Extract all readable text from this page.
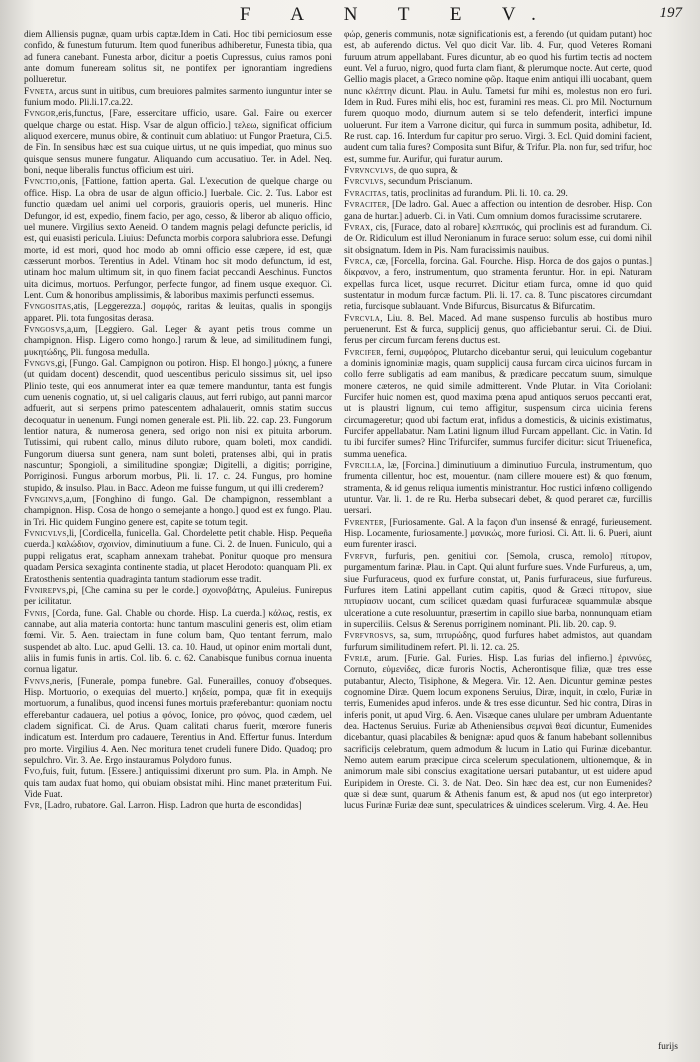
F A N T E V.	197
diem Alliensis pugnæ, quam urbis captæ.Idem in Cati. Hoc tibi perniciosum esse confido, & funestum futurum. Item quod funeribus adhiberetur, Funesta tibia, qua ad funera canebant. Funesta arbor, dicitur a poetis Cupressus, cuius ramos poni ante domum funeream solitus sit, ne pontifex per ignorantiam ingrediens pollueretur.
Fvneta, arcus sunt in uitibus, cum breuiores palmites sarmento iunguntur inter se funium modo. Pli.li.17.ca.22.
Fvngor,eris,functus, [Fare, essercitare ufficio, usare. Gal. Faire ou exercer quelque charge ou estat. Hisp. Vsar de algun officio.] τελεω, significat officium aliquod exercere, munus obire, & continuit cum ablatiuo: ut Fungor Praetura, Ci.5. de Fin. In sensibus hæc est sua cuique uirtus, ut ne quis impediat, quo minus suo quisque sensus munere fungatur. Aliquando cum accusatiuo. Ter. in Adel. Neq. boni, neque liberalis functus officium est uiri.
Fvnctio,onis, [Fattione, fattion aperta. Gal. L'execution de quelque charge ou office. Hisp. La obra de usar de algun officio.] Iuerbale. Cic. 2. Tus. Labor est functio quædam uel animi uel corporis, grauioris operis, uel muneris. Hinc Defungor, id est, expedio, finem facio, per ago, cesso, & liberor ab aliquo officio, uel munere. Virgilius sexto Aeneid. O tandem magnis pelagi defuncte periclis, id est, qui euasisti pericula. Liuius: Defuncta morbis corpora salubriora esse. Defungi morte, id est mori, quod hoc modo ab omni officio esse cæpere, id est, quæ cæsserunt morbos. Terentius in Adel. Vtinam hoc sit modo defunctum, id est, utinam hoc malum ultimum sit, in quo finem faciat peccandi Aeschinus. Functos uita dicimus, mortuos. Perfungor, perfecte fungor, ad finem usque exequor. Ci. Lent. Cum & honoribus amplissimis, & laboribus maximis perfuncti essemus.
Fvngositas,atis, [Leggerezza.] σομφός, raritas & leuitas, qualis in spongijs apparet. Pli. tota fungositas derasa.
Fvngosvs,a,um, [Leggiero. Gal. Leger & ayant petis trous comme un champignon. Hisp. Ligero como hongo.] rarum & leue, ad similitudinem fungi, μυκητώδης, Pli. fungosa medulla.
Fvngvs,gi, [Fungo. Gal. Campignon ou potiron. Hisp. El hongo.] μύκης, a funere (ut quidam docent) descendit, quod uescentibus periculo sissimus sit, uel ipso Plinio teste, qui eos annumerat inter ea quæ temere manduntur, tanta est fungis cum uenenis cognatio, ut, si uel caligaris clauus, aut ferri rubigo, aut panni marcor adfuerit, aut si serpens primo patescentem adhalauerit, omnis statim succus decoquatur in uenenum. Fungi nomen generale est. Pli. lib. 22. cap. 23. Fungorum lentior natura, & numerosa genera, sed origo non nisi ex pituita arborum. Tutissimi, qui rubent callo, minus diluto rubore, quam boleti, mox candidi. Fungorum diuersa sunt genera, nam sunt boleti, pratenses albi, qui in pratis nascuntur; Spongioli, a similitudine spongiæ; Digitelli, a digitis; porrigine, Porriginosi. Fungus arborum morbus, Pli. li. 17. c. 24. Fungus, pro homine stupido, & insulso. Plau. in Bacc. Adeon me fuisse fungum, ut qui illi crederem?
Fvnginvs,a,um, [Fonghino di fungo. Gal. De champignon, ressemblant a champignon. Hisp. Cosa de hongo o semejante a hongo.] quod est ex fungo. Plau. in Tri. Hic quidem Fungino genere est, capite se totum tegit.
Fvnicvlvs,li, [Cordicella, funicella. Gal. Chordelette petit chable. Hisp. Pequeña cuerda.] καλώδιον, σχοινίον, diminutiuum a fune. Ci. 2. de Inuen. Funiculo, qui a puppi religatus erat, scapham annexam trahebat. Ponitur quoque pro mensura quadam Persica sexaginta continente stadia, ut placet Herodoto: quanquam Pli. ex Eratosthenis sententia quadraginta tantum stadiorum esse tradit.
Fvnirepvs,pi, [Che camina su per le corde.] σχοινοβάτης, Apuleius. Funirepus per icilitatur.
Fvnis, [Corda, fune. Gal. Chable ou chorde. Hisp. La cuerda.] κάλως, restis, ex cannabe, aut alia materia contorta: hunc tantum masculini generis est, olim etiam fœmi. Vir. 5. Aen. traiectam in fune colum bam, Quo tentant ferrum, malo suspendet ab alto. Luc. apud Gelli. 13. ca. 10. Haud, ut opinor enim mortali dunt, aliis in fumis funis in artis. Col. lib. 6. c. 62. Canabisque funibus cornua inuenta cornua ligatur.
Fvnvs,neris, [Funerale, pompa funebre. Gal. Funerailles, conuoy d'obseques. Hisp. Mortuorio, o exequias del muerto.] κηδεία, pompa, quæ fit in exequijs mortuorum, a funalibus, quod incensi funes mortuis præferebantur: quoniam noctu efferebantur cadauera, uel potius a φόνος, Ionice, pro φόνος, quod cædem, uel cladem significat. Ci. de Arus. Quam calitati charus fuerit, mœrore funeris indicatum est. Interdum pro cadauere, Terentius in And. Effertur funus. Interdum pro morte. Virgilius 4. Aen. Nec moritura tenet crudeli funere Dido. Quadoq; pro sepulchro. Vir. 3. Ae. Ergo instauramus Polydoro funus.
Fvo,fuis, fuit, futum. [Essere.] antiquissimi dixerunt pro sum. Pla. in Amph. Ne quis tam audax fuat homo, qui obuiam obsistat mihi. Hinc manet præteritum Fui. Vide Fuat.
Fvr, [Ladro, rubatore. Gal. Larron. Hisp. Ladron que hurta de escondidas]
φώρ, generis communis, notæ significationis est, a ferendo (ut quidam putant) hoc est, ab auferendo dictus. Vel quo dicit Var. lib. 4. Fur, quod Veteres Romani furuum atrum appellabant. Fures dicuntur, ab eo quod his furtim tectis ad noctem eunt. Vel a furuo, nigro, quod furta clam fiant, & plerumque nocte. Aut certe, quod Gellio magis placet, a Græco nomine φῶρ. Itaque enim antiqui illi uocabant, quem nunc κλέπτην dicunt. Plau. in Aulu. Tametsi fur mihi es, molestus non ero furi. Idem in Rud. Fures mihi elis, hoc est, furamini res meas. Ci. pro Mil. Nocturnum furem quoquo modo, diurnum autem si se telo defenderit, interfici impune uoluerunt. Fur item a Varrone dicitur, qui furca in summum posita, adhibetur, Id. Re rust. cap. 16. Interdum fur capitur pro seruo. Virgi. 3. Ecl. Quid domini facient, audent cum talia fures? Composita sunt Bifur, & Trifur. Pla. non fur, sed trifur, hoc est, summe fur. Aurifur, qui furatur aurum.
Fvrvncvlvs, de quo supra, &
Fvrcvlvs, secundum Priscianum.
Fvracitas, tatis, proclinitas ad furandum. Pli. li. 10. ca. 29.
Fvraciter, [De ladro. Gal. Auec a affection ou intention de desrober. Hisp. Con gana de hurtar.] aduerb. Ci. in Vati. Cum omnium domos furacissime scrutarere.
Fvrax, cis, [Furace, dato al robare] κλεπτικός, qui proclinis est ad furandum. Ci. de Or. Ridiculum est illud Neronianum in furace seruo: solum esse, cui domi nihil sit obsignatum. Idem in Pis. Nam furacissimis nauibus.
Fvrca, cæ, [Forcella, forcina. Gal. Fourche. Hisp. Horca de dos gajos o puntas.] δίκρανον, a fero, instrumentum, quo stramenta feruntur. Hor. in epi. Naturam expellas furca licet, usque recurret. Dicitur etiam furca, omne id quo quid sustentatur in modum furcæ factum. Pli. li. 17. ca. 8. Tunc piscatores circumdant retia, furcisque sublauant. Vnde Bifurcus, Bisurcatus & Bifurcatim.
Fvrcvla, Liu. 8. Bel. Maced. Ad mane suspenso furculis ab hostibus muro peruenerunt. Est & furca, supplicij genus, quo afficiebantur serui. Ci. de Diui. ferus per circum furcam ferens ductus est.
Fvrcifer, ferni, συμφόρος, Plutarcho dicebantur serui, qui leuiculum cogebantur a dominis ignominiæ magis, quam supplicij causa furcam circa uicinos furcam in collo ferre subligatis ad eam manibus, & prædicare peccatum suum, simulque monere cæteros, ne quid simile admitterent. Vnde Plutar. in Vita Coriolani: Furcifer huic nomen est, quod maxima pœna apud antiquos seruos peccanti erat, ut is plaustri lignum, cui temo affigitur, suspensum circa uicinia ferens circumageretur; quod ubi factum erat, infidus a domesticis, & uicinis existimatus, Furcifer appellabatur. Nam Latini lignum illud Furcam appellant. Cic. in Vatin. Id tu ibi furcifer sumes? Hinc Trifurcifer, summus furcifer dicitur: sicut Triuenefica, summa uenefica.
Fvrcilla, læ, [Forcina.] diminutiuum a diminutiuo Furcula, instrumentum, quo frumenta cillentur, hoc est, mouentur. (nam cillere mouere est) & quo fœnum, stramenta, & id genus reliqua iumentis ministrantur. Hoc rustici infœno colligendo utuntur. Var. li. 1. de re Ru. Herba subsecari debet, & quod peraret cæ, furcillis uersari.
Fvrenter, [Furiosamente. Gal. A la façon d'un insensé & enragé, furieusement. Hisp. Locamente, furiosamente.] μανικώς, more furiosi. Ci. Att. li. 6. Pueri, aiunt eum furenter irasci.
Fvrfvr, furfuris, pen. genitiui cor. [Semola, crusca, remolo] πίτυρον, purgamentum farinæ. Plau. in Capt. Qui alunt furfure sues. Vnde Furfureus, a, um, siue Furfuraceus, quod ex furfure constat, ut, Panis furfuraceus, siue furfureus. Furfures item Latini appellant cutim capitis, quod & Græci πίτυρον, siue πιτυρίασιν uocant, cum scilicet quædam quasi furfuraceæ squammulæ absque ulceratione a cute resoluuntur, præsertim in capillo siue barba, nonnunquam etiam in superciliis. Celsus & Serenus porriginem nominant. Pli. lib. 20. cap. 9.
Fvrfvrosvs, sa, sum, πιτυρώδης, quod furfures habet admistos, aut quandam furfurum similitudinem refert. Pl. li. 12. ca. 25.
Fvriæ, arum. [Furie. Gal. Furies. Hisp. Las furias del infierno.] ἐριννύες, Cornuto, εὐμενίδες, dicæ furoris Noctis, Acherontisque filiæ, quæ tres esse putabantur, Alecto, Tisiphone, & Megera. Vir. 12. Aen. Dicuntur geminæ pestes cognomine Diræ. Quem locum exponens Seruius, Diræ, inquit, in cœlo, Furiæ in terris, Eumenides apud inferos. unde & tres esse dicuntur. Sed hic contra, Diras in inferis ponit, ut apud Virg. 6. Aen. Visæque canes ululare per umbram Aduentante dea. Hactenus Seruius. Furiæ ab Atheniensibus σεμναὶ θεαί dicuntur, Eumenides dicebantur, quasi placabiles & benignæ: apud quos & fanum habebant sollennibus sacrificijs celebratum, quem admodum & lucum in Latio qui Furinæ dicebantur. Nemo autem earum præcipue circa scelerum speculationem, ultionemque, & in animorum male sibi conscius exagitatione uersari putabantur, ut est uidere apud Euripidem in Oreste. Ci. 3. de Nat. Deo. Sin hæc dea est, cur non Eumenides? quæ si deæ sunt, quarum & Athenis fanum est, & apud nos (ut ego interpretor) lucus Furinæ Furiæ deæ sunt, speculatrices & uindices scelerum. Virg. 4. Ae. Heu
furijs
